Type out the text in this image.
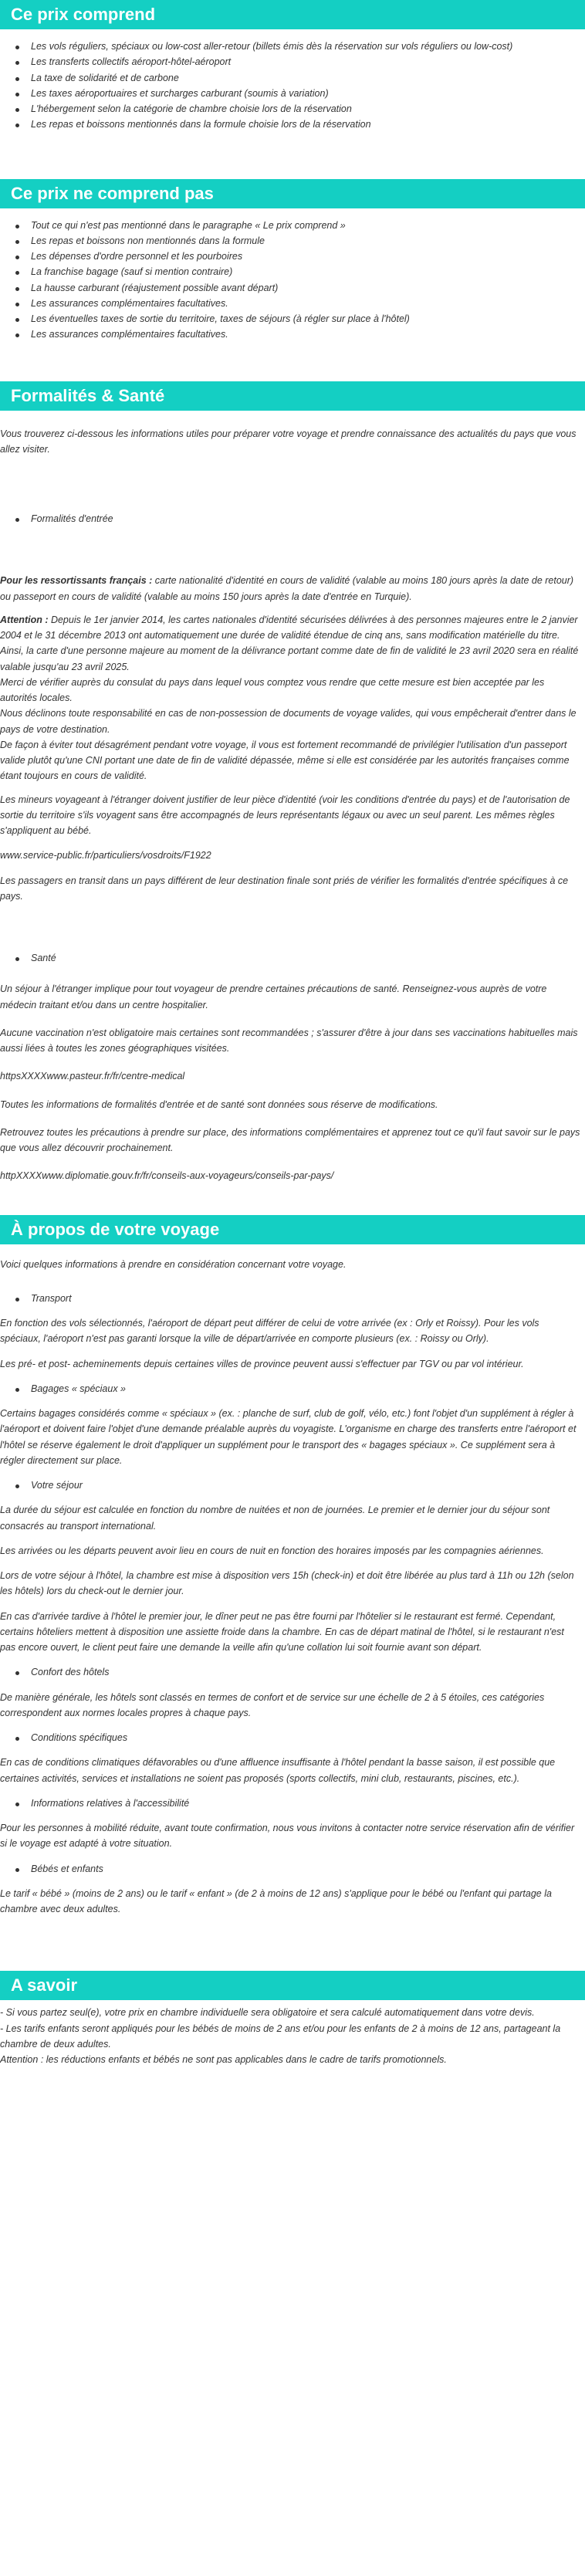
Ce prix comprend
Les vols réguliers, spéciaux ou low-cost aller-retour (billets émis dès la réservation sur vols réguliers ou low-cost)
Les transferts collectifs aéroport-hôtel-aéroport
La taxe de solidarité et de carbone
Les taxes aéroportuaires et surcharges carburant (soumis à variation)
L'hébergement selon la catégorie de chambre choisie lors de la réservation
Les repas et boissons mentionnés dans la formule choisie lors de la réservation
Ce prix ne comprend pas
Tout ce qui n'est pas mentionné dans le paragraphe « Le prix comprend »
Les repas et boissons non mentionnés dans la formule
Les dépenses d'ordre personnel et les pourboires
La franchise bagage (sauf si mention contraire)
La hausse carburant (réajustement possible avant départ)
Les assurances complémentaires facultatives.
Les éventuelles taxes de sortie du territoire, taxes de séjours (à régler sur place à l'hôtel)
Les assurances complémentaires facultatives.
Formalités & Santé

Vous trouverez ci-dessous les informations utiles pour préparer votre voyage et prendre connaissance des actualités du pays que vous allez visiter.

Formalités d'entrée

Pour les ressortissants français : carte nationalité d'identité en cours de validité (valable au moins 180 jours après la date de retour) ou passeport en cours de validité (valable au moins 150 jours après la date d'entrée en Turquie).

Attention : Depuis le 1er janvier 2014, les cartes nationales d'identité sécurisées délivrées à des personnes majeures entre le 2 janvier 2004 et le 31 décembre 2013 ont automatiquement une durée de validité étendue de cinq ans, sans modification matérielle du titre. Ainsi, la carte d'une personne majeure au moment de la délivrance portant comme date de fin de validité le 23 avril 2020 sera en réalité valable jusqu'au 23 avril 2025.

Merci de vérifier auprès du consulat du pays dans lequel vous comptez vous rendre que cette mesure est bien acceptée par les autorités locales.

Nous déclinons toute responsabilité en cas de non-possession de documents de voyage valides, qui vous empêcherait d'entrer dans le pays de votre destination.

De façon à éviter tout désagrément pendant votre voyage, il vous est fortement recommandé de privilégier l'utilisation d'un passeport valide plutôt qu'une CNI portant une date de fin de validité dépassée, même si elle est considérée par les autorités françaises comme étant toujours en cours de validité.

Les mineurs voyageant à l'étranger doivent justifier de leur pièce d'identité (voir les conditions d'entrée du pays) et de l'autorisation de sortie du territoire s'ils voyagent sans être accompagnés de leurs représentants légaux ou avec un seul parent. Les mêmes règles s'appliquent au bébé.

www.service-public.fr/particuliers/vosdroits/F1922

Les passagers en transit dans un pays différent de leur destination finale sont priés de vérifier les formalités d'entrée spécifiques à ce pays.

Santé

Un séjour à l'étranger implique pour tout voyageur de prendre certaines précautions de santé. Renseignez-vous auprès de votre médecin traitant et/ou dans un centre hospitalier.

Aucune vaccination n'est obligatoire mais certaines sont recommandées ; s'assurer d'être à jour dans ses vaccinations habituelles mais aussi liées à toutes les zones géographiques visitées.

httpsXXXXwww.pasteur.fr/fr/centre-medical

Toutes les informations de formalités d'entrée et de santé sont données sous réserve de modifications.

Retrouvez toutes les précautions à prendre sur place, des informations complémentaires et apprenez tout ce qu'il faut savoir sur le pays que vous allez découvrir prochainement.

httpXXXXwww.diplomatie.gouv.fr/fr/conseils-aux-voyageurs/conseils-par-pays/

À propos de votre voyage

Voici quelques informations à prendre en considération concernant votre voyage.

Transport

En fonction des vols sélectionnés, l'aéroport de départ peut différer de celui de votre arrivée (ex : Orly et Roissy). Pour les vols spéciaux, l'aéroport n'est pas garanti lorsque la ville de départ/arrivée en comporte plusieurs (ex. : Roissy ou Orly).

Les pré- et post- acheminements depuis certaines villes de province peuvent aussi s'effectuer par TGV ou par vol intérieur.

Bagages « spéciaux »

Certains bagages considérés comme « spéciaux » (ex. : planche de surf, club de golf, vélo, etc.) font l'objet d'un supplément à régler à l'aéroport et doivent faire l'objet d'une demande préalable auprès du voyagiste. L'organisme en charge des transferts entre l'aéroport et l'hôtel se réserve également le droit d'appliquer un supplément pour le transport des « bagages spéciaux ». Ce supplément sera à régler directement sur place.

Votre séjour

La durée du séjour est calculée en fonction du nombre de nuitées et non de journées. Le premier et le dernier jour du séjour sont consacrés au transport international.

Les arrivées ou les départs peuvent avoir lieu en cours de nuit en fonction des horaires imposés par les compagnies aériennes.

Lors de votre séjour à l'hôtel, la chambre est mise à disposition vers 15h (check-in) et doit être libérée au plus tard à 11h ou 12h (selon les hôtels) lors du check-out le dernier jour.

En cas d'arrivée tardive à l'hôtel le premier jour, le dîner peut ne pas être fourni par l'hôtelier si le restaurant est fermé. Cependant, certains hôteliers mettent à disposition une assiette froide dans la chambre. En cas de départ matinal de l'hôtel, si le restaurant n'est pas encore ouvert, le client peut faire une demande la veille afin qu'une collation lui soit fournie avant son départ.

Confort des hôtels

De manière générale, les hôtels sont classés en termes de confort et de service sur une échelle de 2 à 5 étoiles, ces catégories correspondent aux normes locales propres à chaque pays.

Conditions spécifiques

En cas de conditions climatiques défavorables ou d'une affluence insuffisante à l'hôtel pendant la basse saison, il est possible que certaines activités, services et installations ne soient pas proposés (sports collectifs, mini club, restaurants, piscines, etc.).

Informations relatives à l'accessibilité

Pour les personnes à mobilité réduite, avant toute confirmation, nous vous invitons à contacter notre service réservation afin de vérifier si le voyage est adapté à votre situation.

Bébés et enfants

Le tarif « bébé » (moins de 2 ans) ou le tarif « enfant » (de 2 à moins de 12 ans) s'applique pour le bébé ou l'enfant qui partage la chambre avec deux adultes.

A savoir

- Si vous partez seul(e), votre prix en chambre individuelle sera obligatoire et sera calculé automatiquement dans votre devis.

- Les tarifs enfants seront appliqués pour les bébés de moins de 2 ans et/ou pour les enfants de 2 à moins de 12 ans, partageant la chambre de deux adultes.

Attention : les réductions enfants et bébés ne sont pas applicables dans le cadre de tarifs promotionnels.
